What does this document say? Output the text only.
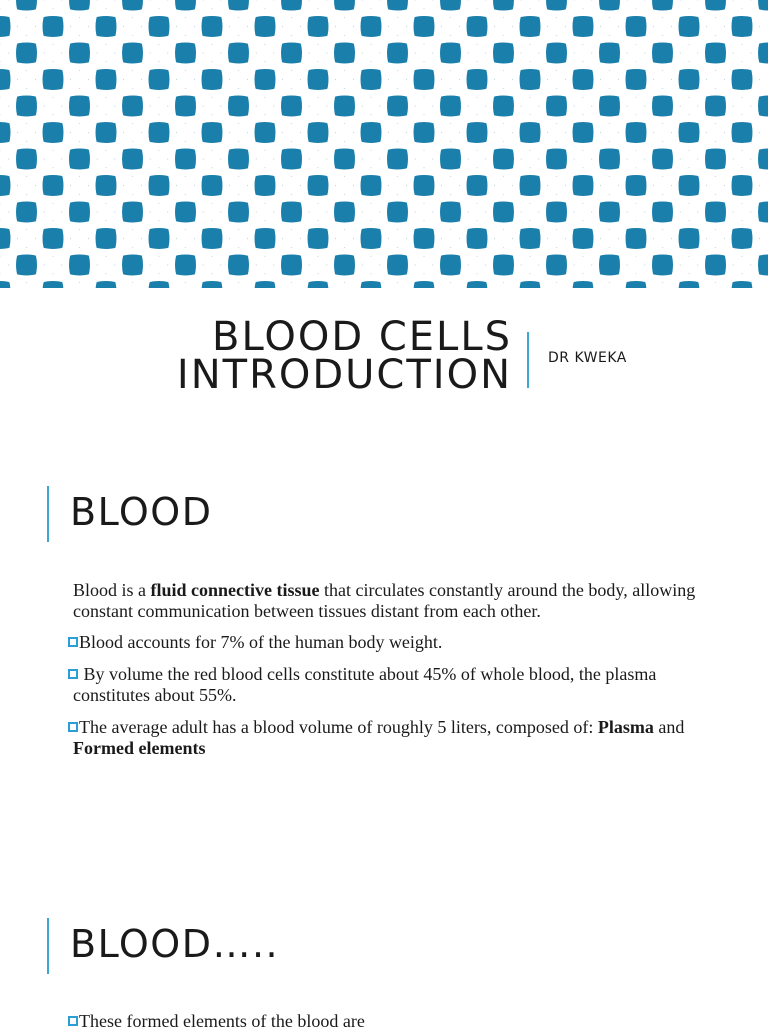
BLOOD CELLS
INTRODUCTION	DR KWEKA
BLOOD

Blood is a fluid connective tissue that circulates constantly around the body, allowing constant communication between tissues distant from each other.

Blood accounts for 7% of the human body weight.

By volume the red blood cells constitute about 45% of whole blood, the plasma constitutes about 55%.

The average adult has a blood volume of roughly 5 liters, composed of: Plasma and Formed elements

BLOOD…..

These formed elements of the blood are
